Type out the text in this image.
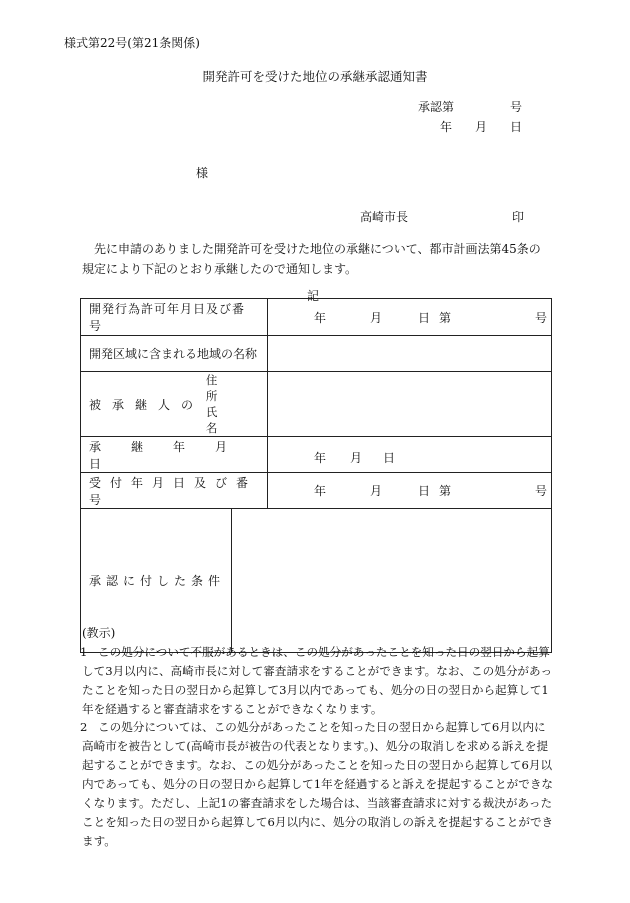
様式第22号(第21条関係)
開発許可を受けた地位の承継承認通知書
承認第	号
年 月 日
様
高崎市長	印
先に申請のありました開発許可を受けた地位の承継について、都市計画法第45条の規定により下記のとおり承継したので通知します。
記
開発行為許可年月日及び番号		年 月 日 第 号

開発区域に含まれる地域の名称		

被承継人の
住所
氏名		

承継年月日		年 月 日

受付年月日及び番号		年 月 日 第 号

承認に付した条件		
(教示)
1 この処分について不服があるときは、この処分があったことを知った日の翌日から起算して3月以内に、高崎市長に対して審査請求をすることができます。なお、この処分があったことを知った日の翌日から起算して3月以内であっても、処分の日の翌日から起算して1年を経過すると審査請求をすることができなくなります。
2 この処分については、この処分があったことを知った日の翌日から起算して6月以内に高崎市を被告として(高崎市長が被告の代表となります。)、処分の取消しを求める訴えを提起することができます。なお、この処分があったことを知った日の翌日から起算して6月以内であっても、処分の日の翌日から起算して1年を経過すると訴えを提起することができなくなります。ただし、上記1の審査請求をした場合は、当該審査請求に対する裁決があったことを知った日の翌日から起算して6月以内に、処分の取消しの訴えを提起することができます。
